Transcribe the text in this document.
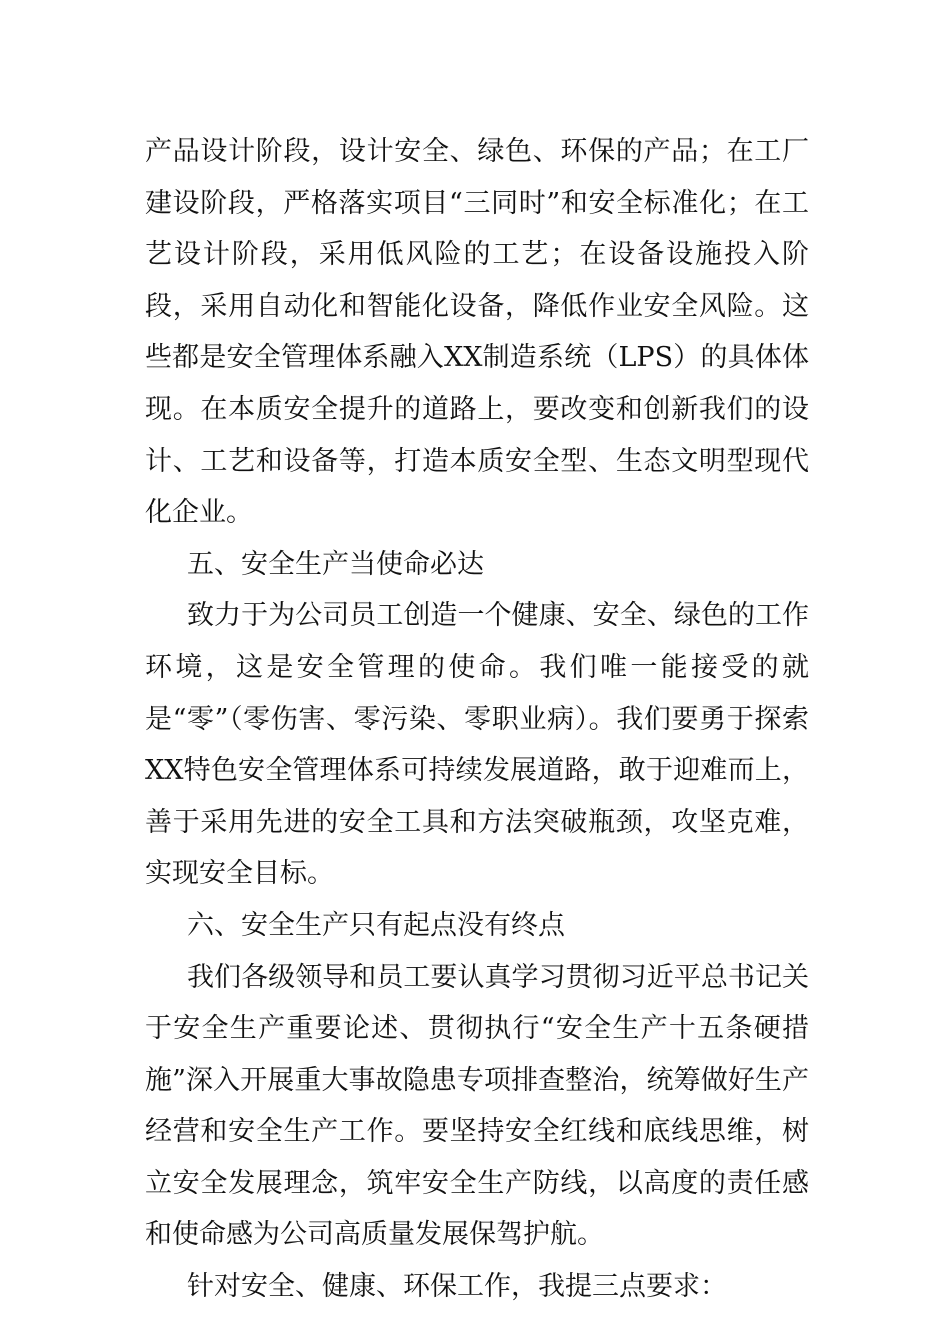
产品设计阶段，设计安全、绿色、环保的产品；在工厂建设阶段，严格落实项目“三同时”和安全标准化；在工艺设计阶段，采用低风险的工艺；在设备设施投入阶段，采用自动化和智能化设备，降低作业安全风险。这些都是安全管理体系融入XX制造系统（LPS）的具体体现。在本质安全提升的道路上，要改变和创新我们的设计、工艺和设备等，打造本质安全型、生态文明型现代化企业。

五、安全生产当使命必达

致力于为公司员工创造一个健康、安全、绿色的工作环境，这是安全管理的使命。我们唯一能接受的就是“零”（零伤害、零污染、零职业病）。我们要勇于探索XX特色安全管理体系可持续发展道路，敢于迎难而上，善于采用先进的安全工具和方法突破瓶颈，攻坚克难，实现安全目标。

六、安全生产只有起点没有终点

我们各级领导和员工要认真学习贯彻习近平总书记关于安全生产重要论述、贯彻执行“安全生产十五条硬措施”深入开展重大事故隐患专项排查整治，统筹做好生产经营和安全生产工作。要坚持安全红线和底线思维，树立安全发展理念，筑牢安全生产防线，以高度的责任感和使命感为公司高质量发展保驾护航。

针对安全、健康、环保工作，我提三点要求：
